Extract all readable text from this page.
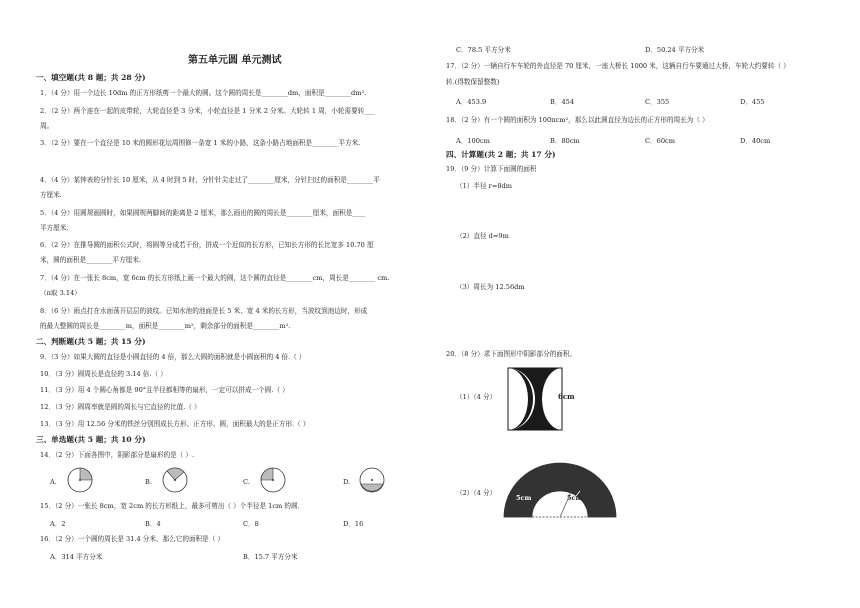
第五单元圆 单元测试
一、填空题(共 8 题；共 28 分)
1．（4 分）用一个边长 10dm 的正方形纸剪一个最大的圆。这个圆的周长是________dm，面积是________dm².
2．（2 分）两个连在一起的皮带轮，大轮直径是 3 分米，小轮直径是 1 分米 2 分米。大轮转 1 周，小轮需要转___
周。
3．（2 分）要在一个直径是 10 米的圆形花坛周围修一条宽 1 米的小路，这条小路占地面积是________平方米.
4．（4 分）某钟表的分针长 10 厘米，从 4 时到 5 时，分针针尖走过了________厘米，分针扫过的面积是________平
方厘米.
5．（4 分）用圆规画圆时，如果圆规两脚间的距离是 2 厘米，那么画出的圆的周长是________厘米，面积是____
平方厘米.
6．（2 分）在推导圆的面积公式时，将圆等分成若干份，拼成一个近似的长方形，已知长方形的长比宽多 10.70 厘
米，圆的面积是________平方厘米.
7．（4 分）在一张长 8cm，宽 6cm 的长方形纸上画一个最大的圆，这个圆的直径是________cm，周长是________ cm.
（π取 3.14）
8．（6 分）雨点打在水面荡开层层的波纹。已知水池的池面是长 5 米、宽 4 米的长方形，当波纹到池边时，形成
的最大整圆的周长是________m，面积是________m²，剩余部分的面积是________m².
二、判断题(共 5 题；共 15 分)
9．（3 分）如果大圆的直径是小圆直径的 4 倍，那么大圆的面积就是小圆面积的 4 倍.（ ）
10．（3 分）圆周长是直径的 3.14 倍.（ ）
11．（3 分）用 4 个圆心角都是 90°且半径都相等的扇形，一定可以拼成一个圆.（ ）
12．（3 分）圆周率就是圆的周长与它直径的比值.（ ）
13．（3 分）用 12.56 分米的铁丝分别围成长方形、正方形、圆，面积最大的是正方形.（ ）
三、单选题(共 5 题；共 10 分)
14．（2 分）下面各图中，阴影部分是扇形的是（ ）.
A.	B.	C.	D.
15．（2 分）一张长 8cm，宽 2cm 的长方形纸上，最多可剪出（ ）个半径是 1cm 的圆.
A．2	B．4	C．8	D．16
16．（2 分）一个圆的周长是 31.4 分米，那么它的面积是（ ）
A．314 平方分米	B．15.7 平方分米
C．78.5 平方分米	D．50.24 平方分米
17．（2 分）一辆自行车车轮的外直径是 70 厘米，一座大桥长 1000 米，这辆自行车要通过大桥，车轮大约要转（ ）
转.(得数保留整数)
A．453.9	B．454	C．355	D．455
18．（2 分）有一个圆的面积为 100πcm²，那么以此圆直径为边长的正方形的周长为（ ）
A．100cm	B．80cm	C．60cm	D．40cm
四、计算题(共 2 题；共 17 分)
19．（9 分）计算下面圆的面积
（1）半径 r=8dm
（2）直径 d=9m
（3）周长为 12.56dm
20．（8 分）求下面图形中阴影部分的面积。
（1）（4 分）	6cm
（2）（4 分）
5cm	5cm
